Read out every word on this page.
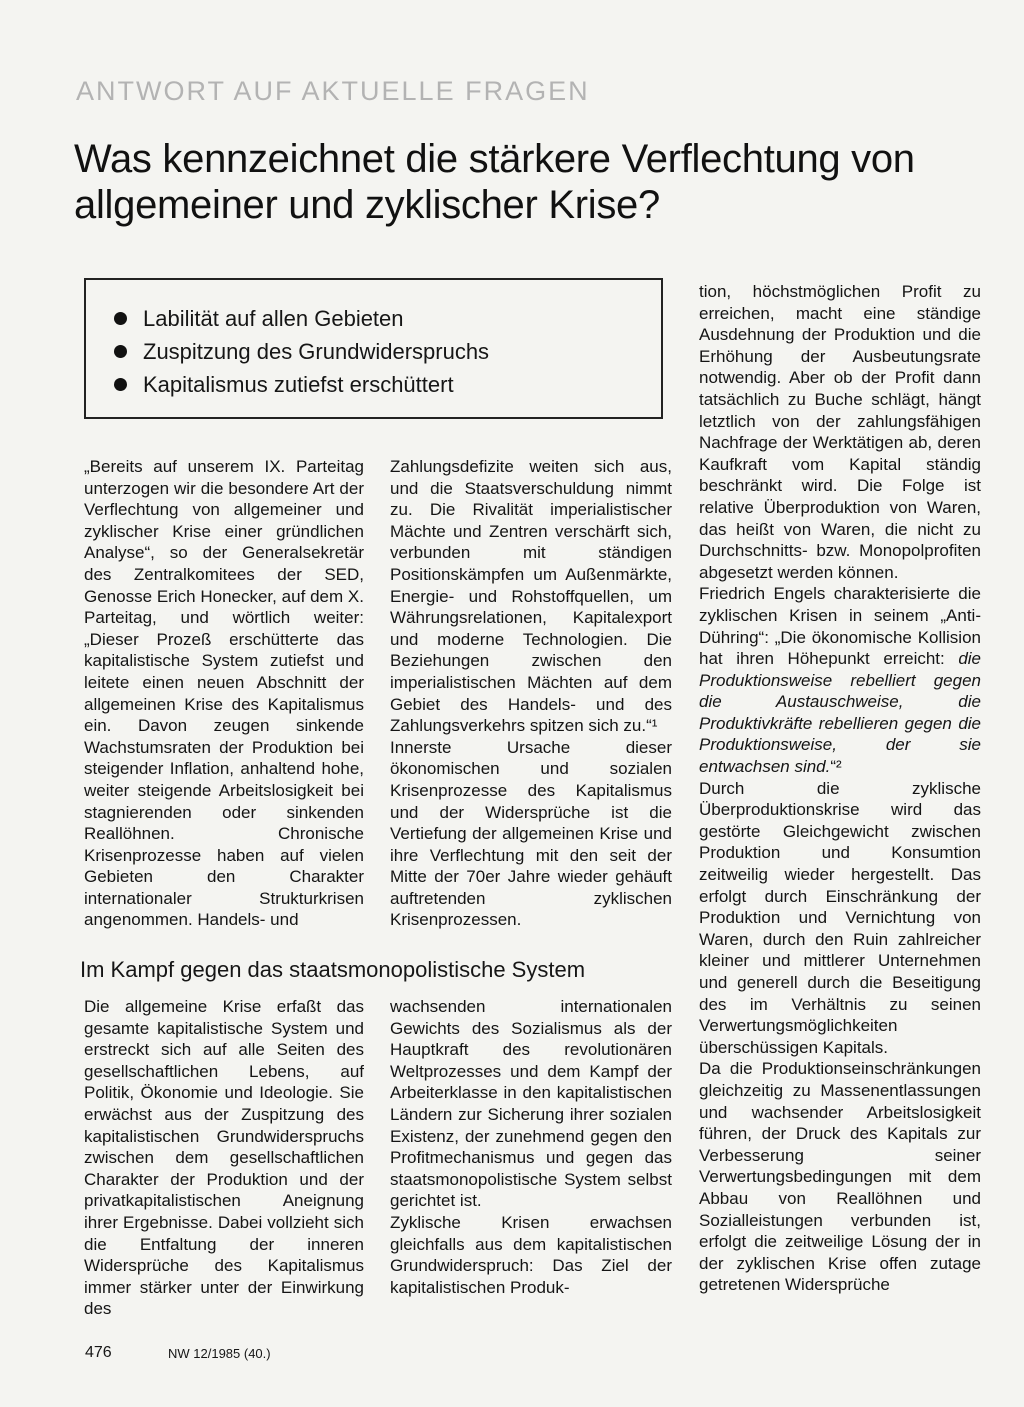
ANTWORT AUF AKTUELLE FRAGEN
Was kennzeichnet die stärkere Verflechtung von allgemeiner und zyklischer Krise?
Labilität auf allen Gebieten
Zuspitzung des Grundwiderspruchs
Kapitalismus zutiefst erschüttert

„Bereits auf unserem IX. Parteitag unterzogen wir die besondere Art der Verflechtung von allgemeiner und zyklischer Krise einer gründlichen Analyse“, so der Generalsekretär des Zentralkomitees der SED, Genosse Erich Honecker, auf dem X. Parteitag, und wörtlich weiter: „Dieser Prozeß erschütterte das kapitalistische System zutiefst und leitete einen neuen Abschnitt der allgemeinen Krise des Kapitalismus ein. Davon zeugen sinkende Wachstumsraten der Produktion bei steigender Inflation, anhaltend hohe, weiter steigende Arbeitslosigkeit bei stagnierenden oder sinkenden Reallöhnen. Chronische Krisenprozesse haben auf vielen Gebieten den Charakter internationaler Strukturkrisen angenommen. Handels- und

Zahlungsdefizite weiten sich aus, und die Staatsverschuldung nimmt zu. Die Rivalität imperialistischer Mächte und Zentren verschärft sich, verbunden mit ständigen Positionskämpfen um Außenmärkte, Energie- und Rohstoffquellen, um Währungsrelationen, Kapitalexport und moderne Technologien. Die Beziehungen zwischen den imperialistischen Mächten auf dem Gebiet des Handels- und des Zahlungsverkehrs spitzen sich zu.“¹

Innerste Ursache dieser ökonomischen und sozialen Krisenprozesse des Kapitalismus und der Widersprüche ist die Vertiefung der allgemeinen Krise und ihre Verflechtung mit den seit der Mitte der 70er Jahre wieder gehäuft auftretenden zyklischen Krisenprozessen.

Im Kampf gegen das staatsmonopolistische System

Die allgemeine Krise erfaßt das gesamte kapitalistische System und erstreckt sich auf alle Seiten des gesellschaftlichen Lebens, auf Politik, Ökonomie und Ideologie. Sie erwächst aus der Zuspitzung des kapitalistischen Grundwiderspruchs zwischen dem gesellschaftlichen Charakter der Produktion und der privatkapitalistischen Aneignung ihrer Ergebnisse. Dabei vollzieht sich die Entfaltung der inneren Widersprüche des Kapitalismus immer stärker unter der Einwirkung des

wachsenden internationalen Gewichts des Sozialismus als der Hauptkraft des revolutionären Weltprozesses und dem Kampf der Arbeiterklasse in den kapitalistischen Ländern zur Sicherung ihrer sozialen Existenz, der zunehmend gegen den Profitmechanismus und gegen das staatsmonopolistische System selbst gerichtet ist.

Zyklische Krisen erwachsen gleichfalls aus dem kapitalistischen Grundwiderspruch: Das Ziel der kapitalistischen Produk-

tion, höchstmöglichen Profit zu erreichen, macht eine ständige Ausdehnung der Produktion und die Erhöhung der Ausbeutungsrate notwendig. Aber ob der Profit dann tatsächlich zu Buche schlägt, hängt letztlich von der zahlungsfähigen Nachfrage der Werktätigen ab, deren Kaufkraft vom Kapital ständig beschränkt wird. Die Folge ist relative Überproduktion von Waren, das heißt von Waren, die nicht zu Durchschnitts- bzw. Monopolprofiten abgesetzt werden können.

Friedrich Engels charakterisierte die zyklischen Krisen in seinem „Anti-Dühring“: „Die ökonomische Kollision hat ihren Höhepunkt erreicht: die Produktionsweise rebelliert gegen die Austauschweise, die Produktivkräfte rebellieren gegen die Produktionsweise, der sie entwachsen sind.“²

Durch die zyklische Überproduktionskrise wird das gestörte Gleichgewicht zwischen Produktion und Konsumtion zeitweilig wieder hergestellt. Das erfolgt durch Einschränkung der Produktion und Vernichtung von Waren, durch den Ruin zahlreicher kleiner und mittlerer Unternehmen und generell durch die Beseitigung des im Verhältnis zu seinen Verwertungsmöglichkeiten überschüssigen Kapitals.

Da die Produktionseinschränkungen gleichzeitig zu Massenentlassungen und wachsender Arbeitslosigkeit führen, der Druck des Kapitals zur Verbesserung seiner Verwertungsbedingungen mit dem Abbau von Reallöhnen und Sozialleistungen verbunden ist, erfolgt die zeitweilige Lösung der in der zyklischen Krise offen zutage getretenen Widersprüche

476	NW 12/1985 (40.)
